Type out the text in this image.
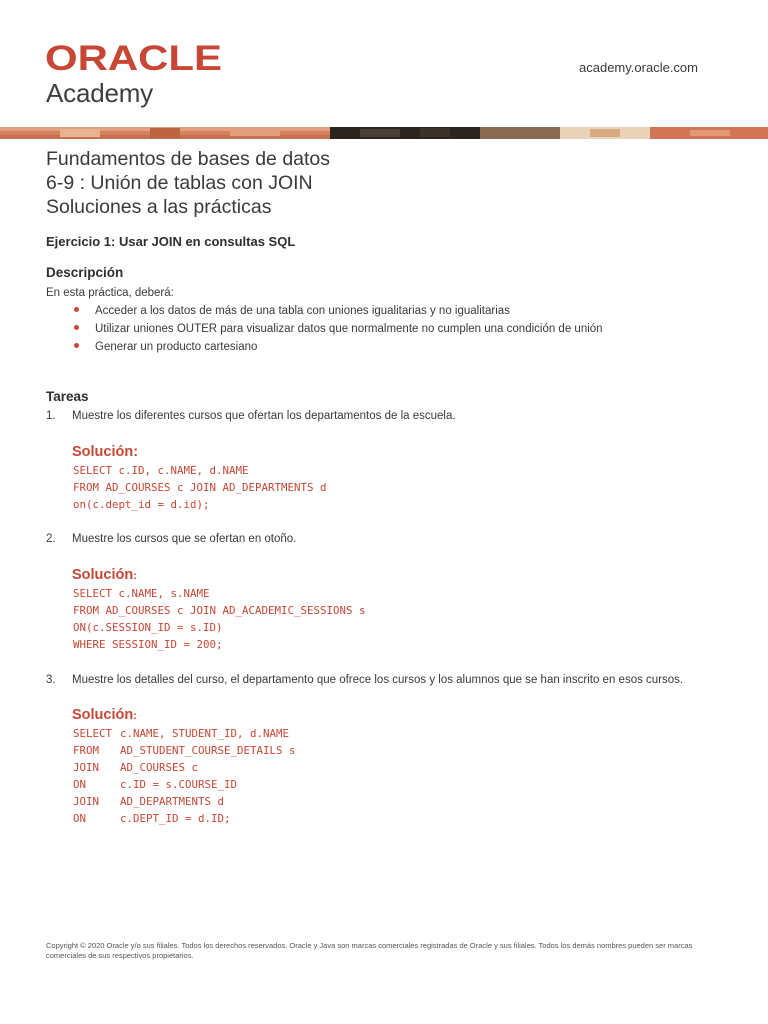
ORACLE
Academy
academy.oracle.com
Fundamentos de bases de datos
6-9 : Unión de tablas con JOIN
Soluciones a las prácticas
Ejercicio 1: Usar JOIN en consultas SQL
Descripción
En esta práctica, deberá:
Acceder a los datos de más de una tabla con uniones igualitarias y no igualitarias
Utilizar uniones OUTER para visualizar datos que normalmente no cumplen una condición de unión
Generar un producto cartesiano
Tareas
1. Muestre los diferentes cursos que ofertan los departamentos de la escuela.
Solución:
SELECT c.ID, c.NAME, d.NAME
FROM AD_COURSES c JOIN AD_DEPARTMENTS d
on(c.dept_id = d.id);
2. Muestre los cursos que se ofertan en otoño.
Solución:
SELECT c.NAME, s.NAME
FROM AD_COURSES c JOIN AD_ACADEMIC_SESSIONS s
ON(c.SESSION_ID = s.ID)
WHERE SESSION_ID = 200;
3. Muestre los detalles del curso, el departamento que ofrece los cursos y los alumnos que se han inscrito en esos cursos.
Solución:
SELECT c.NAME, STUDENT_ID, d.NAME
FROM AD_STUDENT_COURSE_DETAILS s
JOIN AD_COURSES c
ON	c.ID = s.COURSE_ID
JOIN AD_DEPARTMENTS d
ON	c.DEPT_ID = d.ID;
Copyright © 2020 Oracle y/o sus filiales. Todos los derechos reservados. Oracle y Java son marcas comerciales registradas de Oracle y sus filiales. Todos los demás nombres pueden ser marcas comerciales de sus respectivos propietarios.
